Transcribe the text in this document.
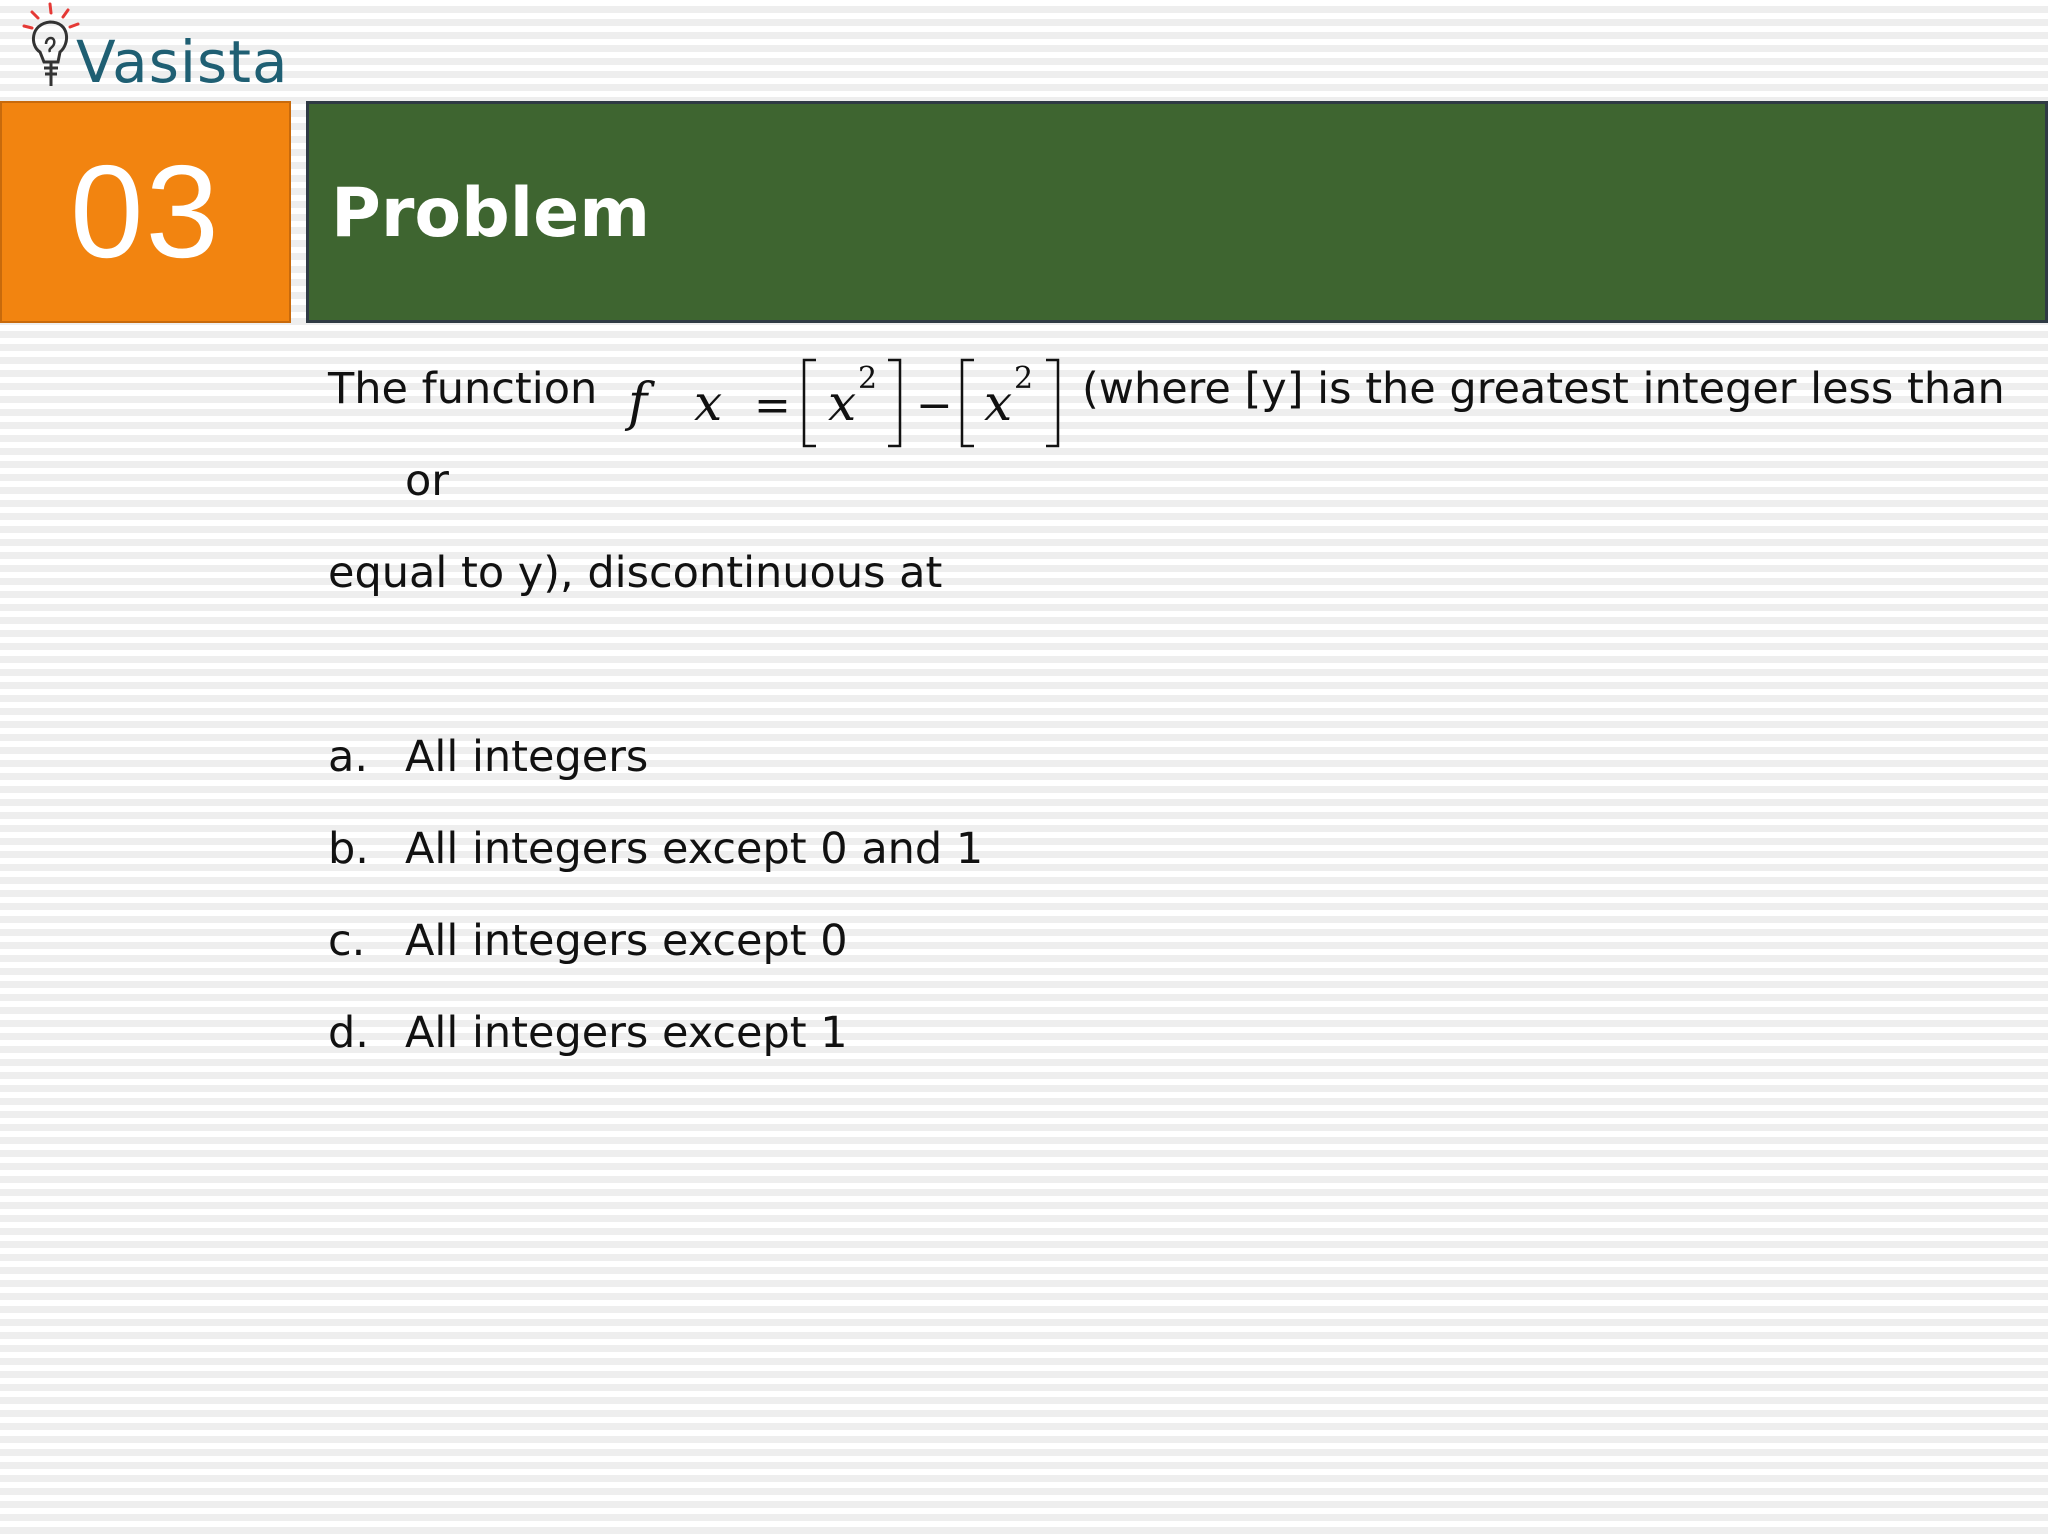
Vasista
03 Problem
The function f x x	x
=
2
−
2 (where [y] is the greatest integer less than
or
equal to y), discontinuous at
a. All integers
b. All integers except 0 and 1
c. All integers except 0
d. All integers except 1
